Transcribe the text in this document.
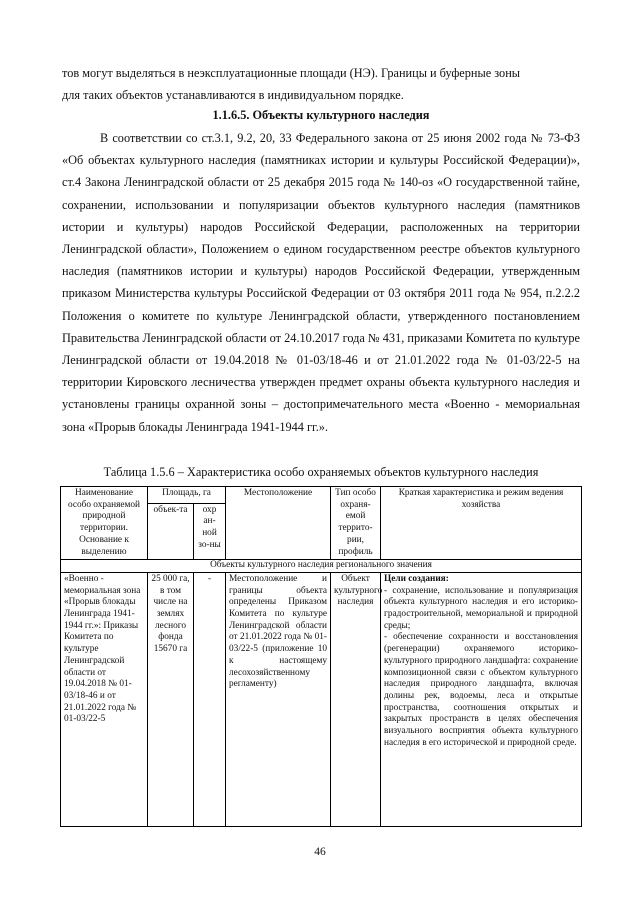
тов могут выделяться в неэксплуатационные площади (НЭ). Границы и буферные зоны
для таких объектов устанавливаются в индивидуальном порядке.

1.1.6.5. Объекты культурного наследия

В соответствии со ст.3.1, 9.2, 20, 33 Федерального закона от 25 июня 2002 года № 73-ФЗ «Об объектах культурного наследия (памятниках истории и культуры Российской Федерации)», ст.4 Закона Ленинградской области от 25 декабря 2015 года № 140-оз «О государственной тайне, сохранении, использовании и популяризации объектов культурного наследия (памятников истории и культуры) народов Российской Федерации, расположенных на территории Ленинградской области», Положением о едином государственном реестре объектов культурного наследия (памятников истории и культуры) народов Российской Федерации, утвержденным приказом Министерства культуры Российской Федерации от 03 октября 2011 года № 954, п.2.2.2 Положения о комитете по культуре Ленинградской области, утвержденного постановлением Правительства Ленинградской области от 24.10.2017 года № 431, приказами Комитета по культуре Ленинградской области от 19.04.2018 № 01-03/18-46 и от 21.01.2022 года № 01-03/22-5 на территории Кировского лесничества утвержден предмет охраны объекта культурного наследия и установлены границы охранной зоны – достопримечательного места «Военно - мемориальная зона «Прорыв блокады Ленинграда 1941-1944 гг.».

Таблица 1.5.6 – Характеристика особо охраняемых объектов культурного наследия

Наименование особо охраняемой природной территории. Основание к выделению	Площадь, га		Местоположение	Тип особо охраня-емой террито-рии, профиль	Краткая характеристика и режим ведения хозяйства
	объек-та	охр ан-ной зо-ны			
Объекты культурного наследия регионального значения					
«Военно - мемориальная зона «Прорыв блокады Ленинграда 1941-1944 гг.»: Приказы Комитета по культуре Ленинградской области от 19.04.2018 № 01-03/18-46 и от 21.01.2022 года № 01-03/22-5	25 000 га, в том числе на землях лесного фонда 15670 га	-	Местоположение и границы объекта определены Приказом Комитета по культуре Ленинградской области от 21.01.2022 года № 01-03/22-5 (приложение 10 к настоящему лесохозяйственному регламенту)	Объект культурного наследия	Цели создания:
- сохранение, использование и популяризация объекта культурного наследия и его историко-градостроительной, мемориальной и природной среды;
- обеспечение сохранности и восстановления (регенерации) охраняемого историко-культурного природного ландшафта: сохранение композиционной связи с объектом культурного наследия природного ландшафта, включая долины рек, водоемы, леса и открытые пространства, соотношения открытых и закрытых пространств в целях обеспечения визуального восприятия объекта культурного наследия в его исторической и природной среде.
46
